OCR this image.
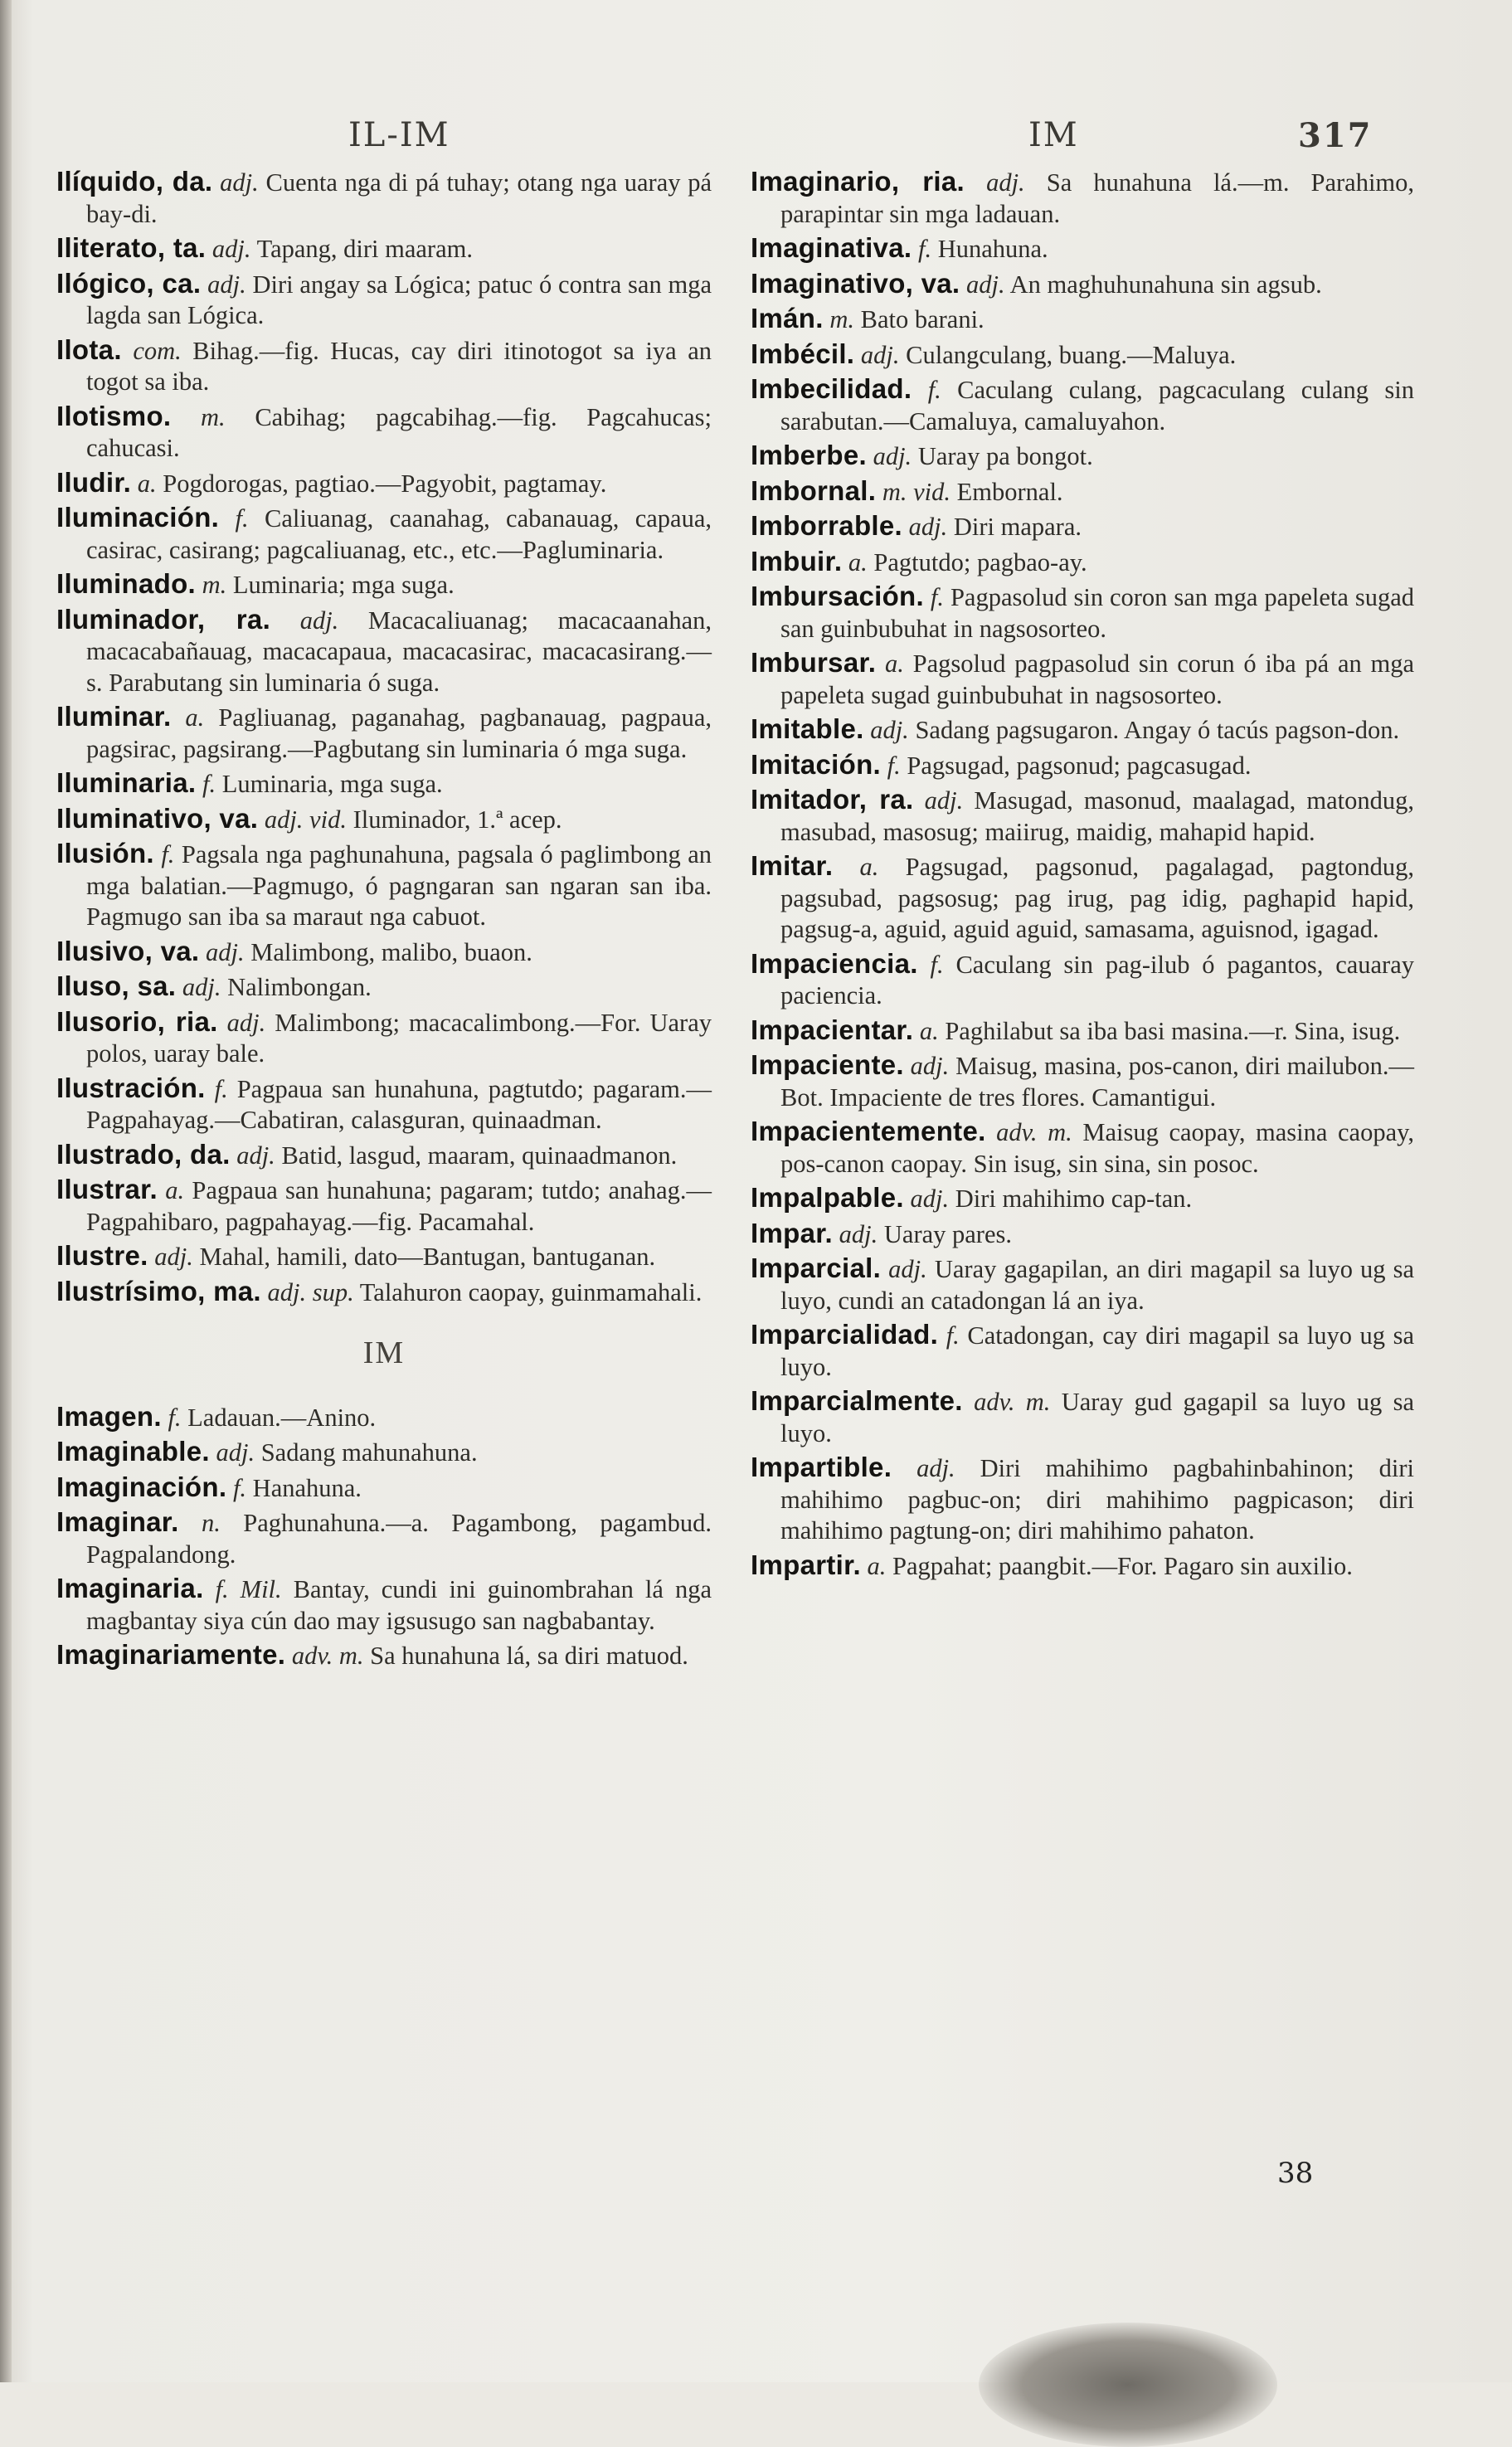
IL-IM	IM	317

Ilíquido, da. adj. Cuenta nga di pá tuhay; otang nga uaray pá bay-di.

Iliterato, ta. adj. Tapang, diri maaram.

Ilógico, ca. adj. Diri angay sa Lógica; patuc ó contra san mga lagda san Lógica.

Ilota. com. Bihag.—fig. Hucas, cay diri itinotogot sa iya an togot sa iba.

Ilotismo. m. Cabihag; pagcabihag.—fig. Pagcahucas; cahucasi.

Iludir. a. Pogdorogas, pagtiao.—Pagyobit, pagtamay.

Iluminación. f. Caliuanag, caanahag, cabanauag, capaua, casirac, casirang; pagcaliuanag, etc., etc.—Pagluminaria.

Iluminado. m. Luminaria; mga suga.

Iluminador, ra. adj. Macacaliuanag; macacaanahan, macacabañauag, macacapaua, macacasirac, macacasirang.—s. Parabutang sin luminaria ó suga.

Iluminar. a. Pagliuanag, paganahag, pagbanauag, pagpaua, pagsirac, pagsirang.—Pagbutang sin luminaria ó mga suga.

Iluminaria. f. Luminaria, mga suga.

Iluminativo, va. adj. vid. Iluminador, 1.ª acep.

Ilusión. f. Pagsala nga paghunahuna, pagsala ó paglimbong an mga balatian.—Pagmugo, ó pagngaran san ngaran san iba. Pagmugo san iba sa maraut nga cabuot.

Ilusivo, va. adj. Malimbong, malibo, buaon.

Iluso, sa. adj. Nalimbongan.

Ilusorio, ria. adj. Malimbong; macacalimbong.—For. Uaray polos, uaray bale.

Ilustración. f. Pagpaua san hunahuna, pagtutdo; pagaram.—Pagpahayag.—Cabatiran, calasguran, quinaadman.

Ilustrado, da. adj. Batid, lasgud, maaram, quinaadmanon.

Ilustrar. a. Pagpaua san hunahuna; pagaram; tutdo; anahag.—Pagpahibaro, pagpahayag.—fig. Pacamahal.

Ilustre. adj. Mahal, hamili, dato—Bantugan, bantuganan.

Ilustrísimo, ma. adj. sup. Talahuron caopay, guinmamahali.

IM

Imagen. f. Ladauan.—Anino.

Imaginable. adj. Sadang mahunahuna.

Imaginación. f. Hanahuna.

Imaginar. n. Paghunahuna.—a. Pagambong, pagambud. Pagpalandong.

Imaginaria. f. Mil. Bantay, cundi ini guinombrahan lá nga magbantay siya cún dao may igsusugo san nagbabantay.

Imaginariamente. adv. m. Sa hunahuna lá, sa diri matuod.

Imaginario, ria. adj. Sa hunahuna lá.—m. Parahimo, parapintar sin mga ladauan.

Imaginativa. f. Hunahuna.

Imaginativo, va. adj. An maghuhunahuna sin agsub.

Imán. m. Bato barani.

Imbécil. adj. Culangculang, buang.—Maluya.

Imbecilidad. f. Caculang culang, pagcaculang culang sin sarabutan.—Camaluya, camaluyahon.

Imberbe. adj. Uaray pa bongot.

Imbornal. m. vid. Embornal.

Imborrable. adj. Diri mapara.

Imbuir. a. Pagtutdo; pagbao-ay.

Imbursación. f. Pagpasolud sin coron san mga papeleta sugad san guinbubuhat in nagsosorteo.

Imbursar. a. Pagsolud pagpasolud sin corun ó iba pá an mga papeleta sugad guinbubuhat in nagsosorteo.

Imitable. adj. Sadang pagsugaron. Angay ó tacús pagson-don.

Imitación. f. Pagsugad, pagsonud; pagcasugad.

Imitador, ra. adj. Masugad, masonud, maalagad, matondug, masubad, masosug; maiirug, maidig, mahapid hapid.

Imitar. a. Pagsugad, pagsonud, pagalagad, pagtondug, pagsubad, pagsosug; pag irug, pag idig, paghapid hapid, pagsug-a, aguid, aguid aguid, samasama, aguisnod, igagad.

Impaciencia. f. Caculang sin pag-ilub ó pagantos, cauaray paciencia.

Impacientar. a. Paghilabut sa iba basi masina.—r. Sina, isug.

Impaciente. adj. Maisug, masina, pos-canon, diri mailubon.—Bot. Impaciente de tres flores. Camantigui.

Impacientemente. adv. m. Maisug caopay, masina caopay, pos-canon caopay. Sin isug, sin sina, sin posoc.

Impalpable. adj. Diri mahihimo cap-tan.

Impar. adj. Uaray pares.

Imparcial. adj. Uaray gagapilan, an diri magapil sa luyo ug sa luyo, cundi an catadongan lá an iya.

Imparcialidad. f. Catadongan, cay diri magapil sa luyo ug sa luyo.

Imparcialmente. adv. m. Uaray gud gagapil sa luyo ug sa luyo.

Impartible. adj. Diri mahihimo pagbahinbahinon; diri mahihimo pagbuc-on; diri mahihimo pagpicason; diri mahihimo pagtung-on; diri mahihimo pahaton.

Impartir. a. Pagpahat; paangbit.—For. Pagaro sin auxilio.

38
